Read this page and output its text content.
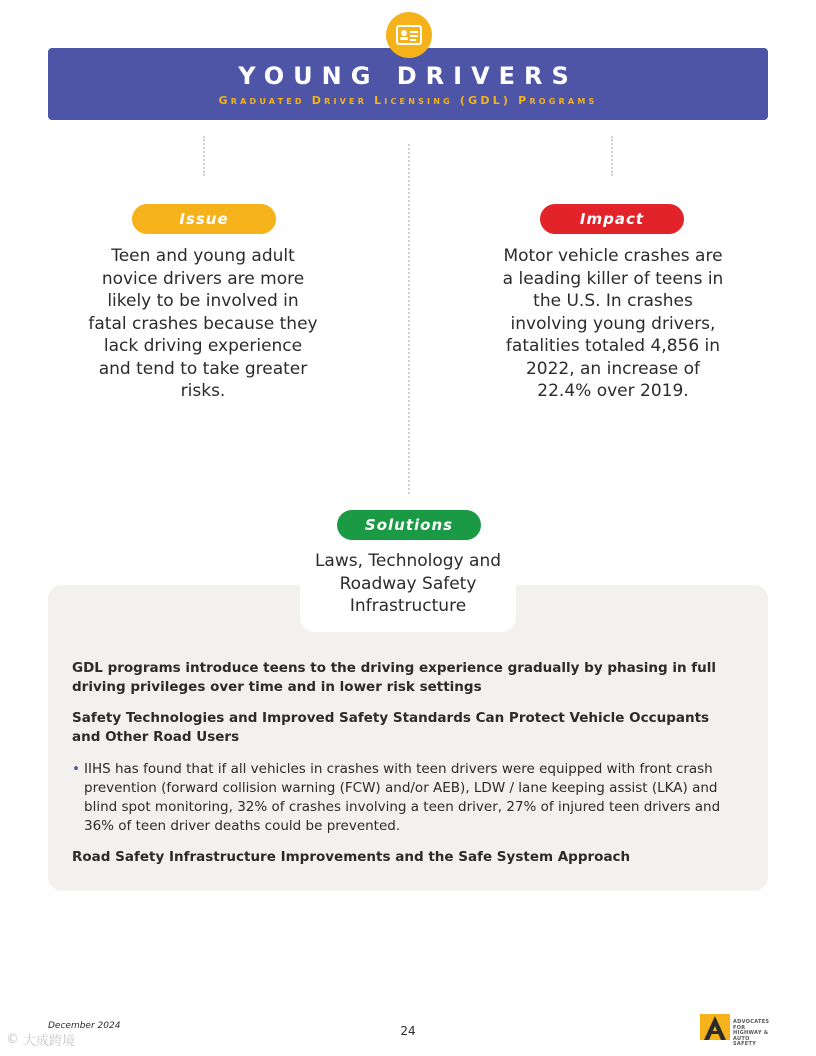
YOUNG DRIVERS
Graduated Driver Licensing (GDL) Programs
Issue
Teen and young adult novice drivers are more likely to be involved in fatal crashes because they lack driving experience and tend to take greater risks.
Impact
Motor vehicle crashes are a leading killer of teens in the U.S. In crashes involving young drivers, fatalities totaled 4,856 in 2022, an increase of 22.4% over 2019.
Solutions
Laws, Technology and Roadway Safety Infrastructure
GDL programs introduce teens to the driving experience gradually by phasing in full driving privileges over time and in lower risk settings
Safety Technologies and Improved Safety Standards Can Protect Vehicle Occupants and Other Road Users
• IIHS has found that if all vehicles in crashes with teen drivers were equipped with front crash prevention (forward collision warning (FCW) and/or AEB), LDW / lane keeping assist (LKA) and blind spot monitoring, 32% of crashes involving a teen driver, 27% of injured teen drivers and 36% of teen driver deaths could be prevented.
Road Safety Infrastructure Improvements and the Safe System Approach
December 2024	24
© 大成跨境
ADVOCATES FOR HIGHWAY & AUTO SAFETY
